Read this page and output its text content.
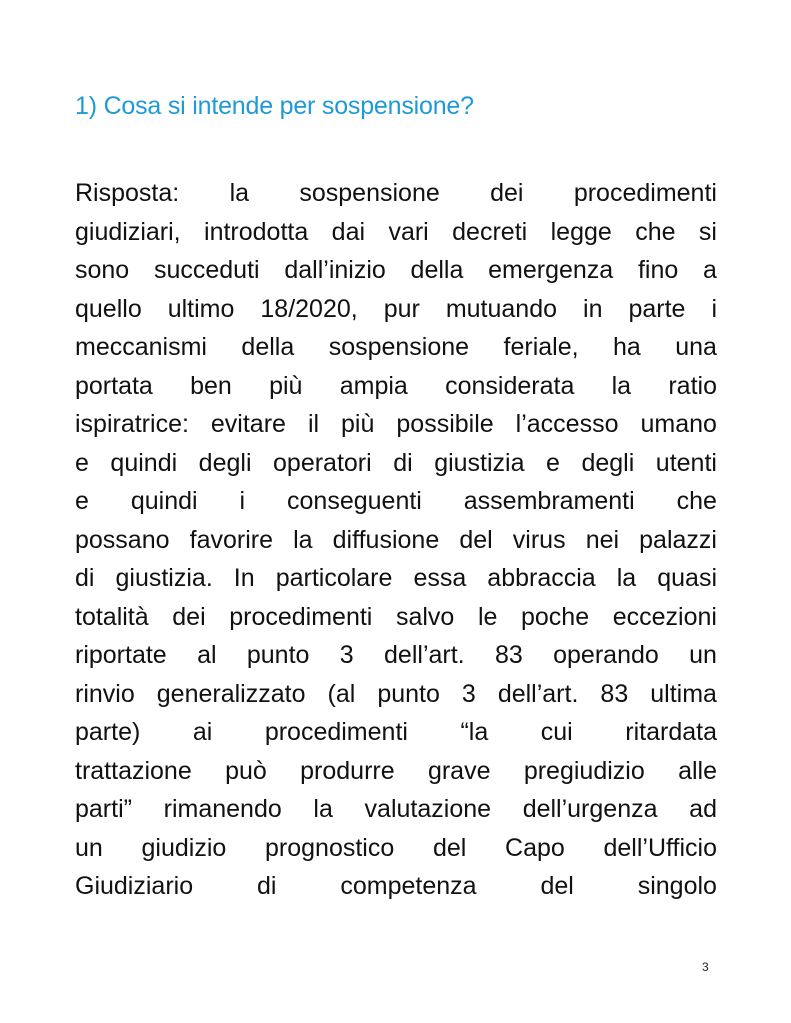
1) Cosa si intende per sospensione?
Risposta: la sospensione dei procedimenti
giudiziari, introdotta dai vari decreti legge che si
sono succeduti dall’inizio della emergenza fino a
quello ultimo 18/2020, pur mutuando in parte i
meccanismi della sospensione feriale, ha una
portata ben più ampia considerata la ratio
ispiratrice: evitare il più possibile l’accesso umano
e quindi degli operatori di giustizia e degli utenti
e quindi i conseguenti assembramenti che
possano favorire la diffusione del virus nei palazzi
di giustizia. In particolare essa abbraccia la quasi
totalità dei procedimenti salvo le poche eccezioni
riportate al punto 3 dell’art. 83 operando un
rinvio generalizzato (al punto 3 dell’art. 83 ultima
parte) ai procedimenti “la cui ritardata
trattazione può produrre grave pregiudizio alle
parti” rimanendo la valutazione dell’urgenza ad
un giudizio prognostico del Capo dell’Ufficio
Giudiziario	di	competenza	del	singolo
3
